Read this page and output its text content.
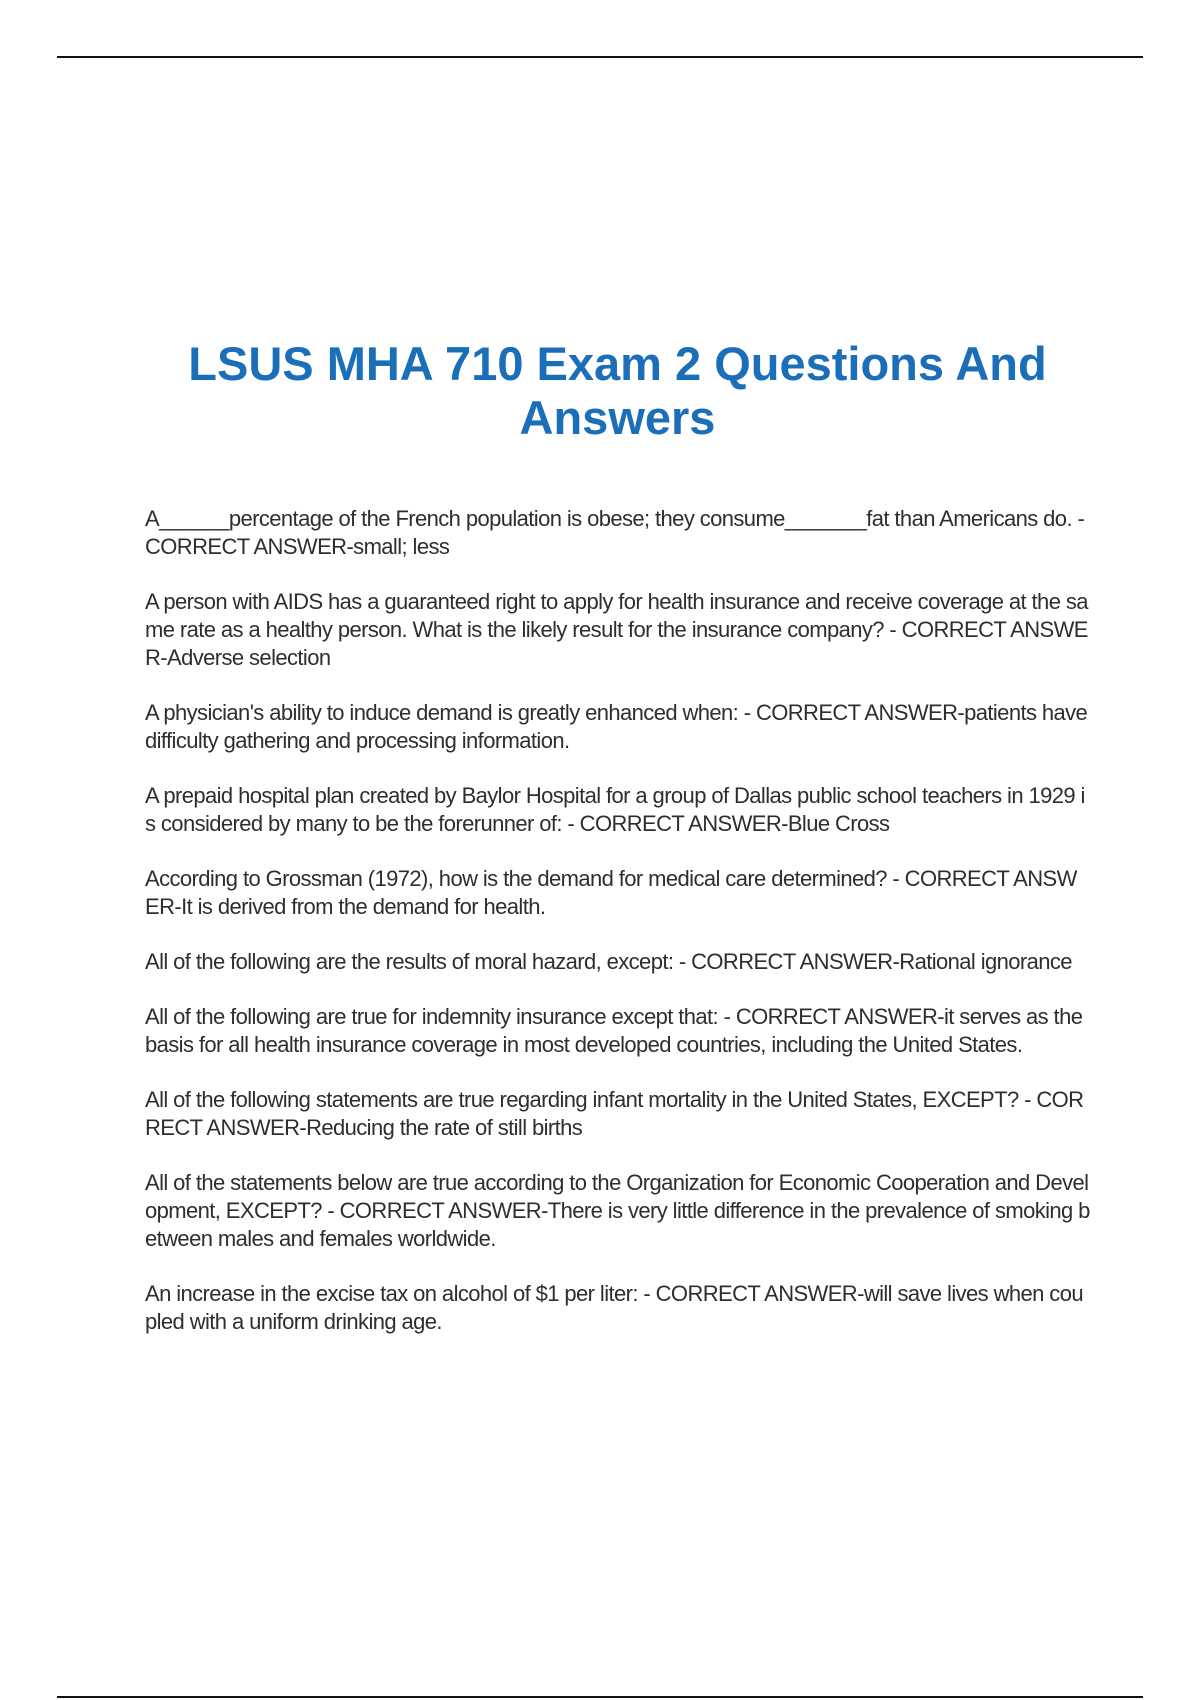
LSUS MHA 710 Exam 2 Questions And Answers
A______percentage of the French population is obese; they consume_______fat than Americans do. - CORRECT ANSWER-small; less
A person with AIDS has a guaranteed right to apply for health insurance and receive coverage at the same rate as a healthy person. What is the likely result for the insurance company? - CORRECT ANSWER-Adverse selection
A physician's ability to induce demand is greatly enhanced when: - CORRECT ANSWER-patients have difficulty gathering and processing information.
A prepaid hospital plan created by Baylor Hospital for a group of Dallas public school teachers in 1929 is considered by many to be the forerunner of: - CORRECT ANSWER-Blue Cross
According to Grossman (1972), how is the demand for medical care determined? - CORRECT ANSWER-It is derived from the demand for health.
All of the following are the results of moral hazard, except: - CORRECT ANSWER-Rational ignorance
All of the following are true for indemnity insurance except that: - CORRECT ANSWER-it serves as the basis for all health insurance coverage in most developed countries, including the United States.
All of the following statements are true regarding infant mortality in the United States, EXCEPT? - CORRECT ANSWER-Reducing the rate of still births
All of the statements below are true according to the Organization for Economic Cooperation and Development, EXCEPT? - CORRECT ANSWER-There is very little difference in the prevalence of smoking between males and females worldwide.
An increase in the excise tax on alcohol of $1 per liter: - CORRECT ANSWER-will save lives when coupled with a uniform drinking age.
